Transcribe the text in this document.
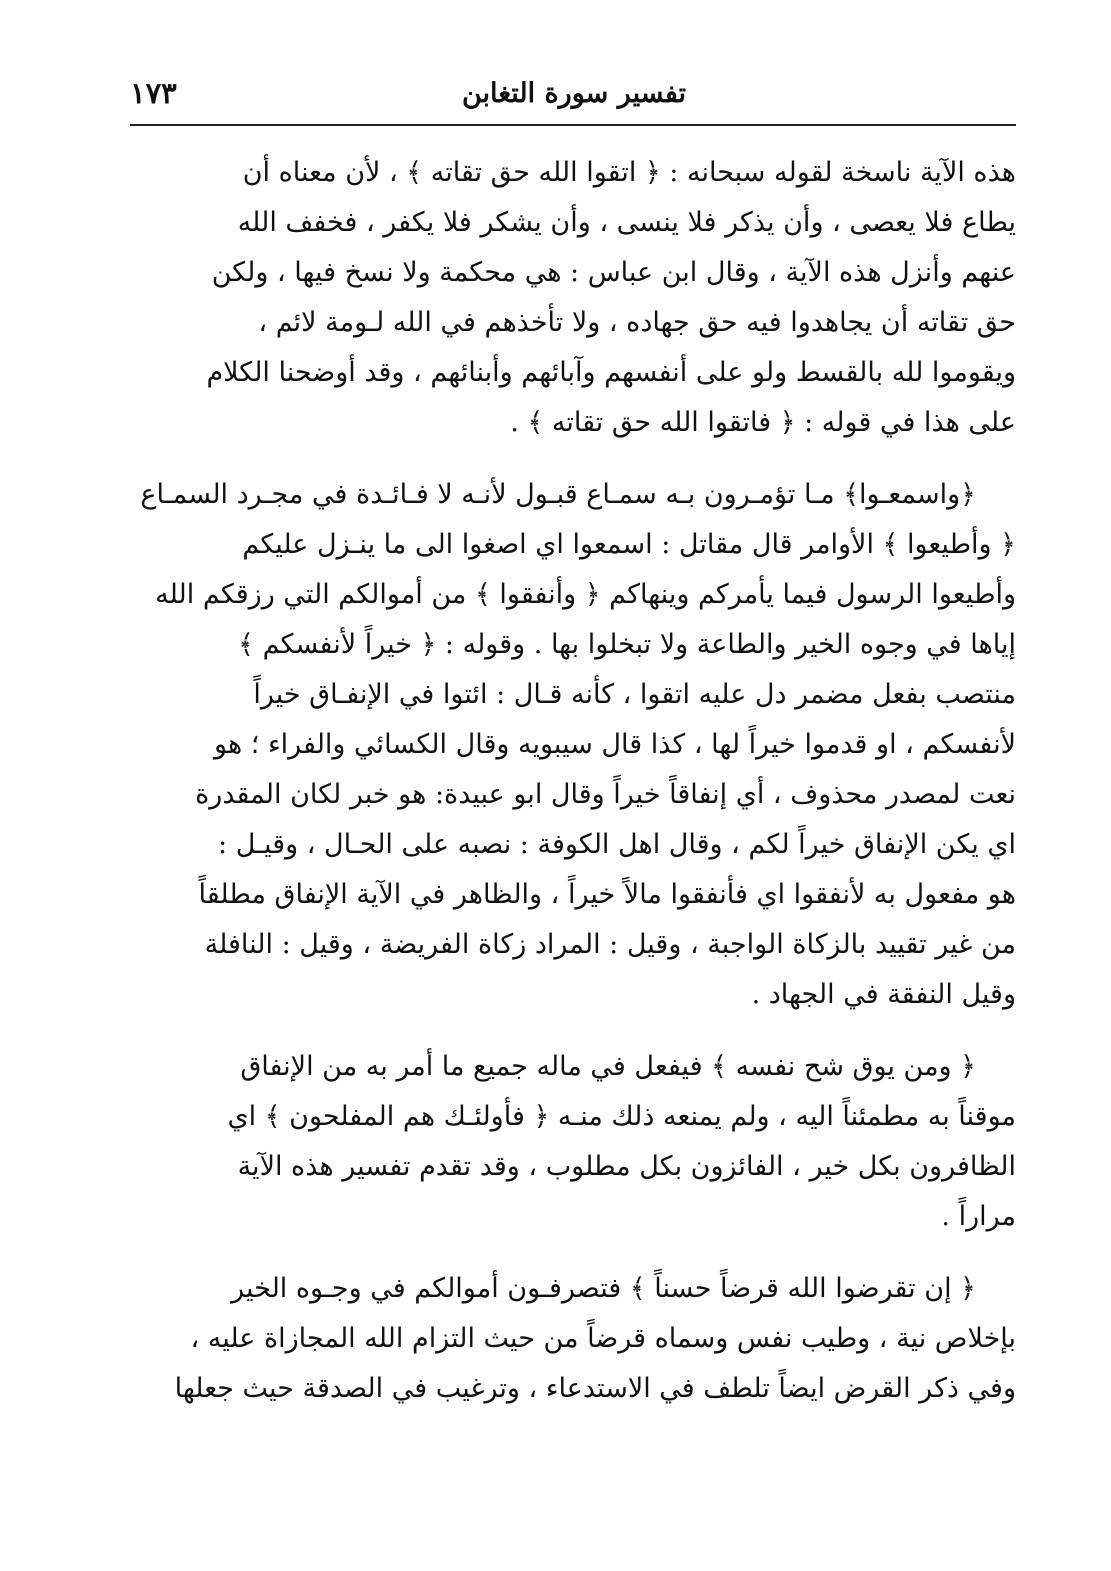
تفسير سورة التغابن
١٧٣

هذه الآية ناسخة لقوله سبحانه : ﴿ اتقوا الله حق تقاته ﴾ ، لأن معناه أن
يطاع فلا يعصى ، وأن يذكر فلا ينسى ، وأن يشكر فلا يكفر ، فخفف الله
عنهم وأنزل هذه الآية ، وقال ابن عباس : هي محكمة ولا نسخ فيها ، ولكن
حق تقاته أن يجاهدوا فيه حق جهاده ، ولا تأخذهم في الله لـومة لائم ،
ويقوموا لله بالقسط ولو على أنفسهم وآبائهم وأبنائهم ، وقد أوضحنا الكلام
على هذا في قوله : ﴿ فاتقوا الله حق تقاته ﴾ .

﴿واسمعـوا﴾ مـا تؤمـرون بـه سمـاع قبـول لأنـه لا فـائـدة في مجـرد السمـاع
﴿ وأطيعوا ﴾ الأوامر قال مقاتل : اسمعوا اي اصغوا الى ما ينـزل عليكم
وأطيعوا الرسول فيما يأمركم وينهاكم ﴿ وأنفقوا ﴾ من أموالكم التي رزقكم الله
إياها في وجوه الخير والطاعة ولا تبخلوا بها . وقوله : ﴿ خيراً لأنفسكم ﴾
منتصب بفعل مضمر دل عليه اتقوا ، كأنه قـال : ائتوا في الإنفـاق خيراً
لأنفسكم ، او قدموا خيراً لها ، كذا قال سيبويه وقال الكسائي والفراء ؛ هو
نعت لمصدر محذوف ، أي إنفاقاً خيراً وقال ابو عبيدة: هو خبر لكان المقدرة
اي يكن الإنفاق خيراً لكم ، وقال اهل الكوفة : نصبه على الحـال ، وقيـل :
هو مفعول به لأنفقوا اي فأنفقوا مالاً خيراً ، والظاهر في الآية الإنفاق مطلقاً
من غير تقييد بالزكاة الواجبة ، وقيل : المراد زكاة الفريضة ، وقيل : النافلة
وقيل النفقة في الجهاد .

﴿ ومن يوق شح نفسه ﴾ فيفعل في ماله جميع ما أمر به من الإنفاق
موقناً به مطمئناً اليه ، ولم يمنعه ذلك منـه ﴿ فأولئـك هم المفلحون ﴾ اي
الظافرون بكل خير ، الفائزون بكل مطلوب ، وقد تقدم تفسير هذه الآية
مراراً .

﴿ إن تقرضوا الله قرضاً حسناً ﴾ فتصرفـون أموالكم في وجـوه الخير
بإخلاص نية ، وطيب نفس وسماه قرضاً من حيث التزام الله المجازاة عليه ،
وفي ذكر القرض ايضاً تلطف في الاستدعاء ، وترغيب في الصدقة حيث جعلها
